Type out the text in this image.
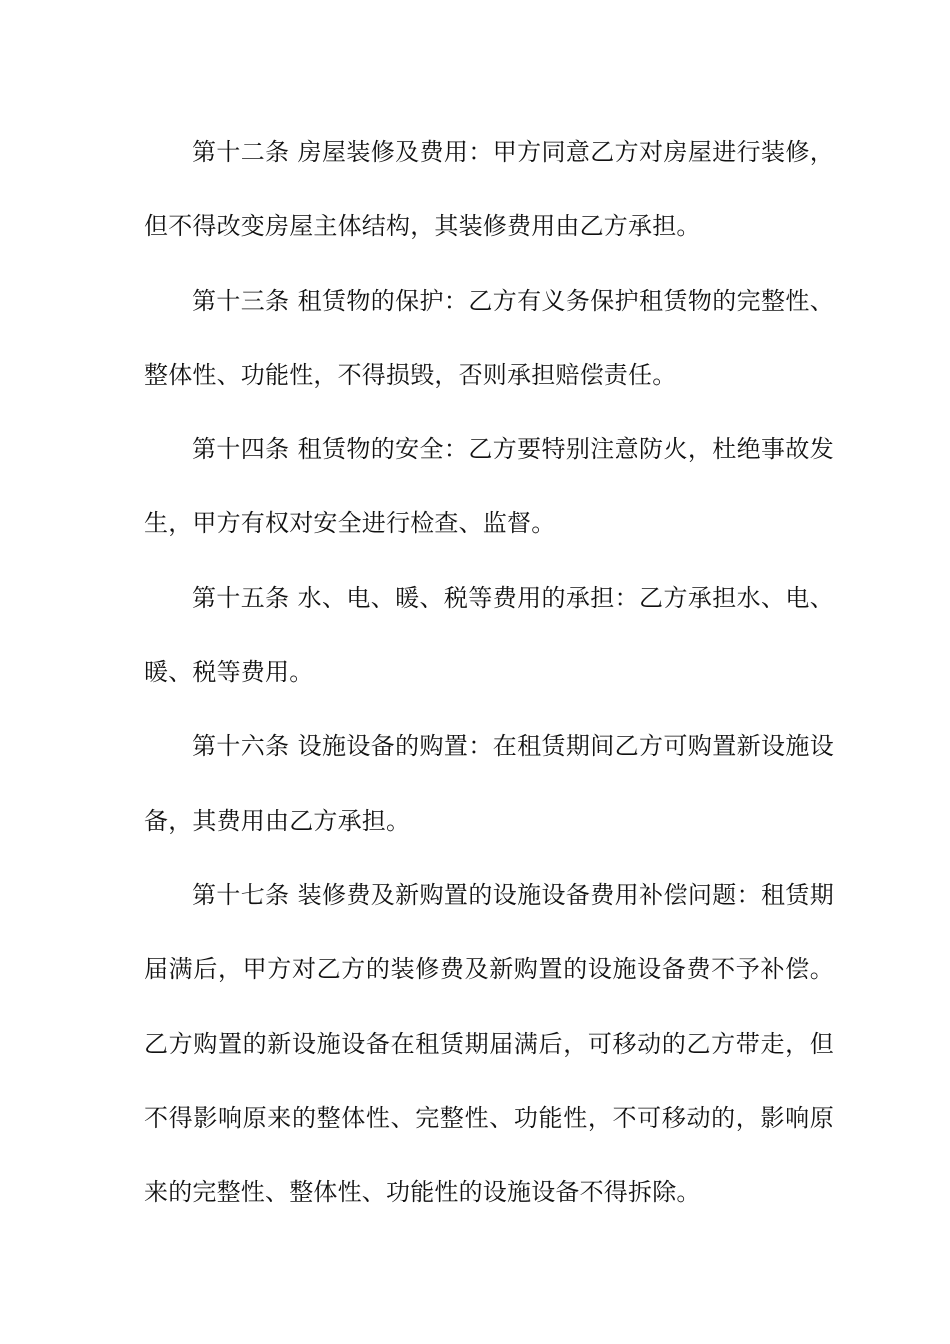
第十二条 房屋装修及费用：甲方同意乙方对房屋进行装修，但不得改变房屋主体结构，其装修费用由乙方承担。

第十三条 租赁物的保护：乙方有义务保护租赁物的完整性、整体性、功能性，不得损毁，否则承担赔偿责任。

第十四条 租赁物的安全：乙方要特别注意防火，杜绝事故发生，甲方有权对安全进行检查、监督。

第十五条 水、电、暖、税等费用的承担：乙方承担水、电、暖、税等费用。

第十六条 设施设备的购置：在租赁期间乙方可购置新设施设备，其费用由乙方承担。

第十七条 装修费及新购置的设施设备费用补偿问题：租赁期届满后，甲方对乙方的装修费及新购置的设施设备费不予补偿。乙方购置的新设施设备在租赁期届满后，可移动的乙方带走，但不得影响原来的整体性、完整性、功能性，不可移动的，影响原来的完整性、整体性、功能性的设施设备不得拆除。
